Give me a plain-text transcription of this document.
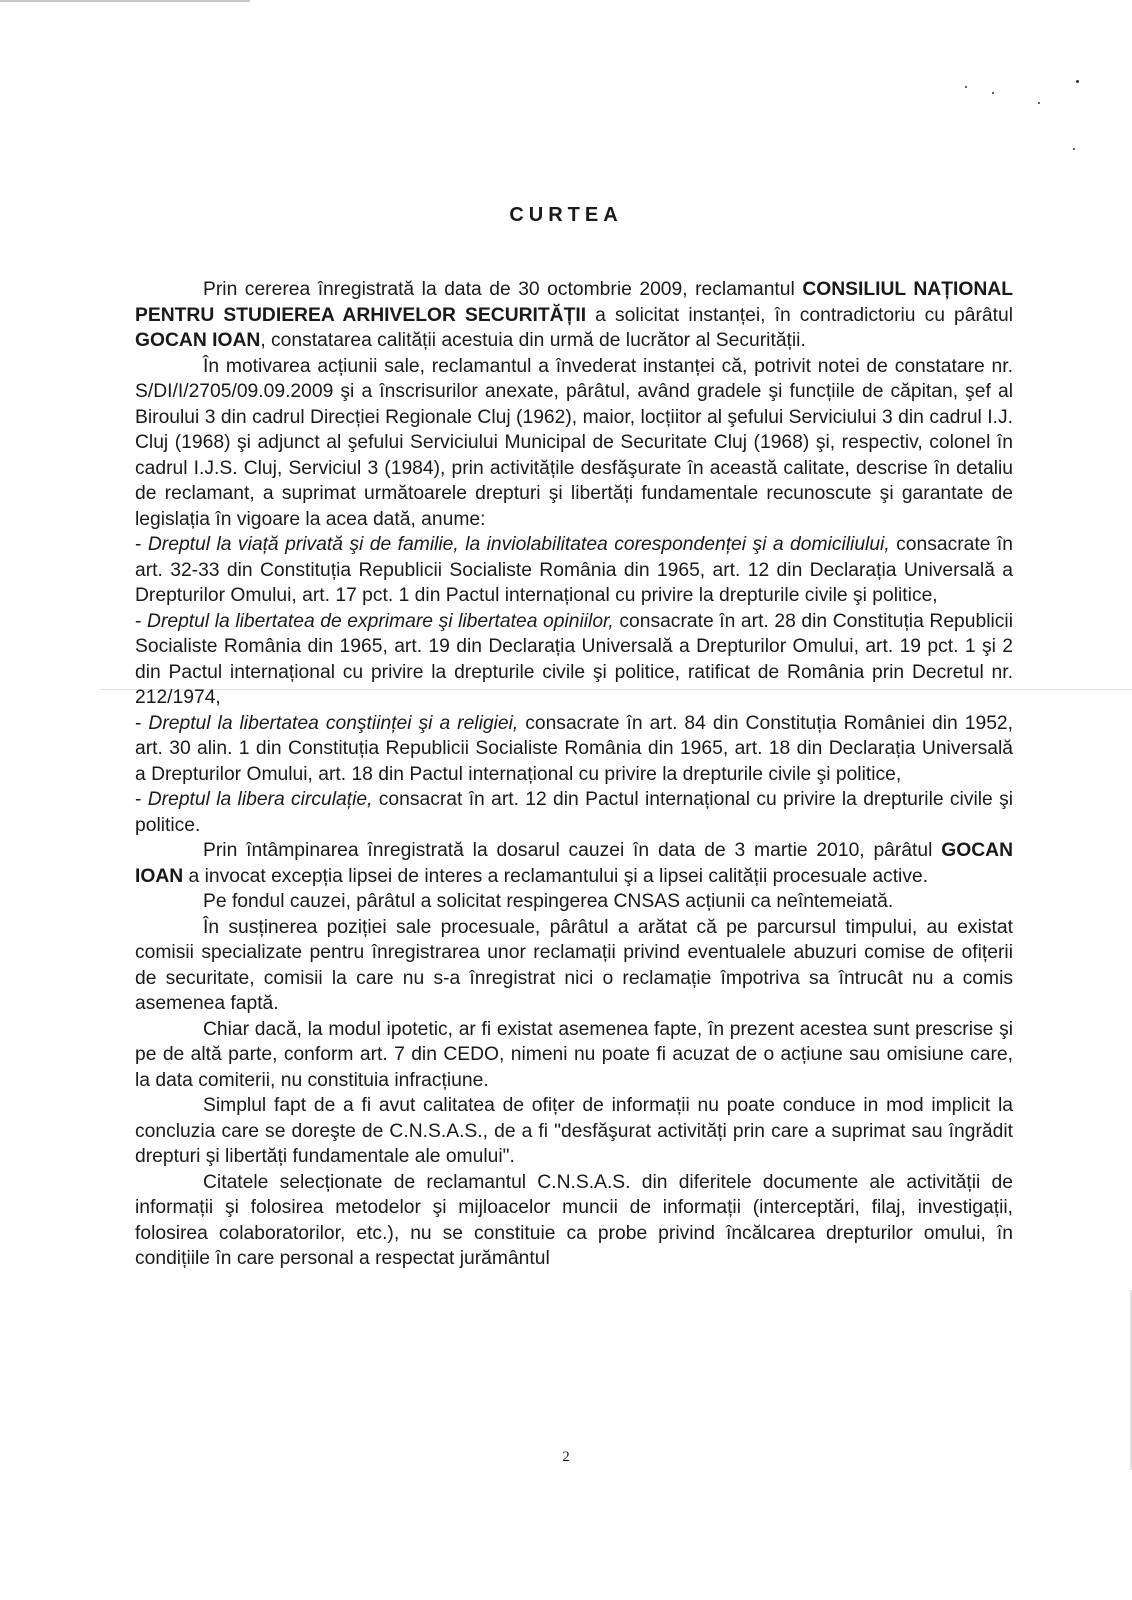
CURTEA

Prin cererea înregistrată la data de 30 octombrie 2009, reclamantul CONSILIUL NAȚIONAL PENTRU STUDIEREA ARHIVELOR SECURITĂȚII a solicitat instanței, în contradictoriu cu pârâtul GOCAN IOAN, constatarea calității acestuia din urmă de lucrător al Securității.

În motivarea acțiunii sale, reclamantul a învederat instanței că, potrivit notei de constatare nr. S/DI/I/2705/09.09.2009 şi a înscrisurilor anexate, pârâtul, având gradele şi funcțiile de căpitan, şef al Biroului 3 din cadrul Direcției Regionale Cluj (1962), maior, locțiitor al şefului Serviciului 3 din cadrul I.J. Cluj (1968) şi adjunct al şefului Serviciului Municipal de Securitate Cluj (1968) şi, respectiv, colonel în cadrul I.J.S. Cluj, Serviciul 3 (1984), prin activitățile desfăşurate în această calitate, descrise în detaliu de reclamant, a suprimat următoarele drepturi şi libertăți fundamentale recunoscute şi garantate de legislația în vigoare la acea dată, anume:

- Dreptul la viață privată şi de familie, la inviolabilitatea corespondenței şi a domiciliului, consacrate în art. 32-33 din Constituția Republicii Socialiste România din 1965, art. 12 din Declarația Universală a Drepturilor Omului, art. 17 pct. 1 din Pactul internațional cu privire la drepturile civile şi politice,

- Dreptul la libertatea de exprimare şi libertatea opiniilor, consacrate în art. 28 din Constituția Republicii Socialiste România din 1965, art. 19 din Declarația Universală a Drepturilor Omului, art. 19 pct. 1 şi 2 din Pactul internațional cu privire la drepturile civile şi politice, ratificat de România prin Decretul nr. 212/1974,

- Dreptul la libertatea conştiinței şi a religiei, consacrate în art. 84 din Constituția României din 1952, art. 30 alin. 1 din Constituția Republicii Socialiste România din 1965, art. 18 din Declarația Universală a Drepturilor Omului, art. 18 din Pactul internațional cu privire la drepturile civile şi politice,

- Dreptul la libera circulație, consacrat în art. 12 din Pactul internațional cu privire la drepturile civile şi politice.

Prin întâmpinarea înregistrată la dosarul cauzei în data de 3 martie 2010, pârâtul GOCAN IOAN a invocat excepția lipsei de interes a reclamantului şi a lipsei calității procesuale active.

Pe fondul cauzei, pârâtul a solicitat respingerea CNSAS acțiunii ca neîntemeiată.

În susținerea poziției sale procesuale, pârâtul a arătat că pe parcursul timpului, au existat comisii specializate pentru înregistrarea unor reclamații privind eventualele abuzuri comise de ofițerii de securitate, comisii la care nu s-a înregistrat nici o reclamație împotriva sa întrucât nu a comis asemenea faptă.

Chiar dacă, la modul ipotetic, ar fi existat asemenea fapte, în prezent acestea sunt prescrise şi pe de altă parte, conform art. 7 din CEDO, nimeni nu poate fi acuzat de o acțiune sau omisiune care, la data comiterii, nu constituia infracțiune.

Simplul fapt de a fi avut calitatea de ofițer de informații nu poate conduce in mod implicit la concluzia care se doreşte de C.N.S.A.S., de a fi "desfăşurat activități prin care a suprimat sau îngrădit drepturi şi libertăți fundamentale ale omului".

Citatele selecționate de reclamantul C.N.S.A.S. din diferitele documente ale activității de informații şi folosirea metodelor şi mijloacelor muncii de informații (interceptări, filaj, investigații, folosirea colaboratorilor, etc.), nu se constituie ca probe privind încălcarea drepturilor omului, în condițiile în care personal a respectat jurământul

2
